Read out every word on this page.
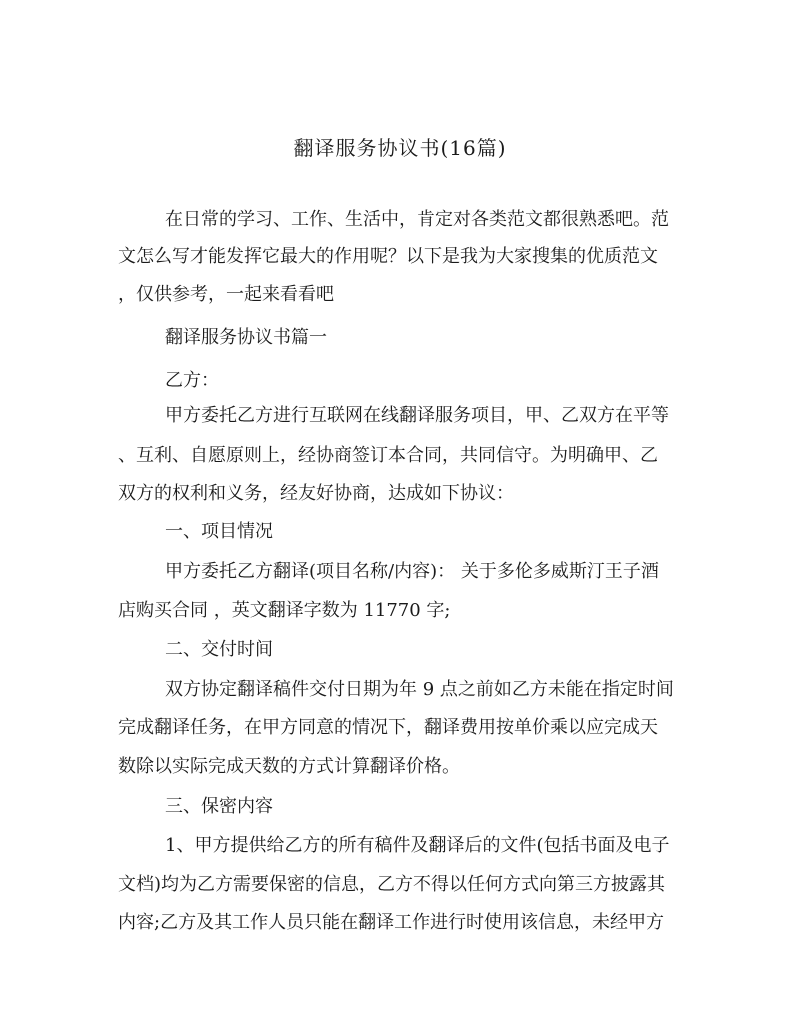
翻译服务协议书(16篇)
在日常的学习、工作、生活中，肯定对各类范文都很熟悉吧。范
文怎么写才能发挥它最大的作用呢？以下是我为大家搜集的优质范文
，仅供参考，一起来看看吧
翻译服务协议书篇一
乙方：
甲方委托乙方进行互联网在线翻译服务项目，甲、乙双方在平等
、互利、自愿原则上，经协商签订本合同，共同信守。为明确甲、乙
双方的权利和义务，经友好协商，达成如下协议：
一、项目情况
甲方委托乙方翻译(项目名称/内容)： 关于多伦多威斯汀王子酒
店购买合同 ，英文翻译字数为 11770 字;
二、交付时间
双方协定翻译稿件交付日期为年 9 点之前如乙方未能在指定时间
完成翻译任务，在甲方同意的情况下，翻译费用按单价乘以应完成天
数除以实际完成天数的方式计算翻译价格。
三、保密内容
1、甲方提供给乙方的所有稿件及翻译后的文件(包括书面及电子
文档)均为乙方需要保密的信息，乙方不得以任何方式向第三方披露其
内容;乙方及其工作人员只能在翻译工作进行时使用该信息，未经甲方
